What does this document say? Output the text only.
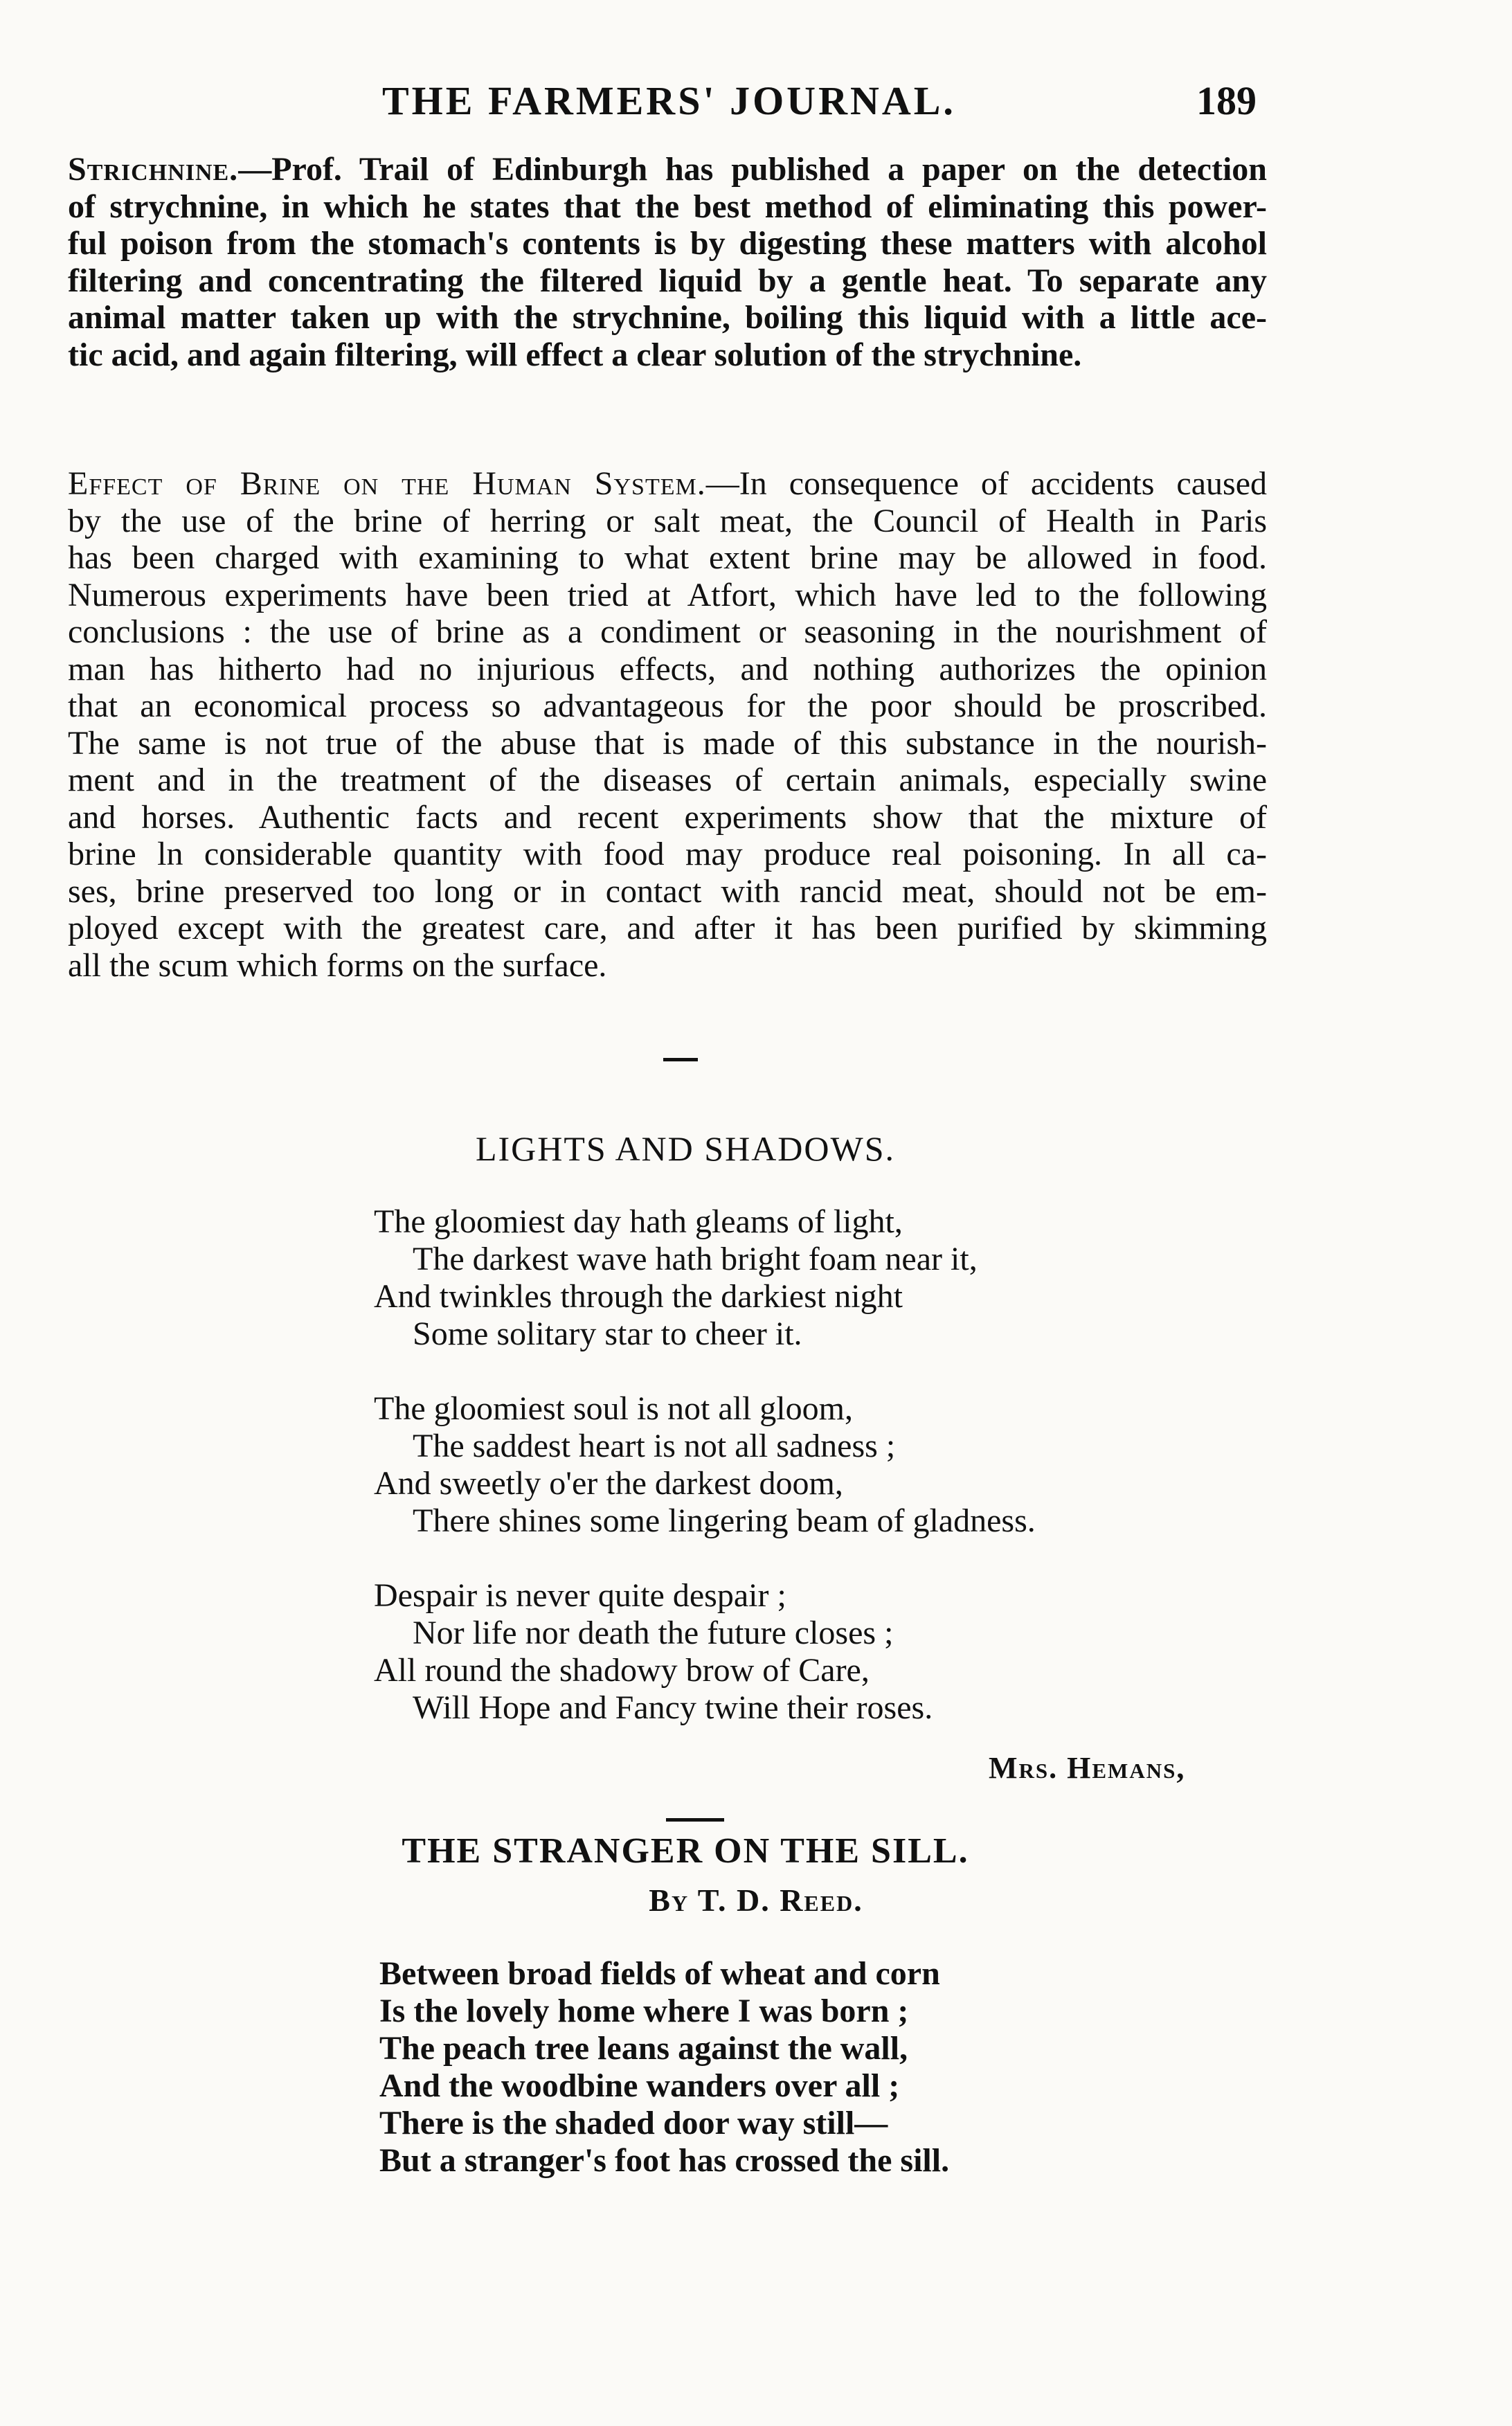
THE FARMERS' JOURNAL.	189
Strichnine.—Prof. Trail of Edinburgh has published a paper on the detection
of strychnine, in which he states that the best method of eliminating this power-
ful poison from the stomach's contents is by digesting these matters with alcohol
filtering and concentrating the filtered liquid by a gentle heat. To separate any
animal matter taken up with the strychnine, boiling this liquid with a little ace-
tic acid, and again filtering, will effect a clear solution of the strychnine.
Effect of Brine on the Human System.—In consequence of accidents caused
by the use of the brine of herring or salt meat, the Council of Health in Paris
has been charged with examining to what extent brine may be allowed in food.
Numerous experiments have been tried at Atfort, which have led to the following
conclusions : the use of brine as a condiment or seasoning in the nourishment of
man has hitherto had no injurious effects, and nothing authorizes the opinion
that an economical process so advantageous for the poor should be proscribed.
The same is not true of the abuse that is made of this substance in the nourish-
ment and in the treatment of the diseases of certain animals, especially swine
and horses. Authentic facts and recent experiments show that the mixture of
brine ln considerable quantity with food may produce real poisoning. In all ca-
ses, brine preserved too long or in contact with rancid meat, should not be em-
ployed except with the greatest care, and after it has been purified by skimming
all the scum which forms on the surface.
LIGHTS AND SHADOWS.
The gloomiest day hath gleams of light,
The darkest wave hath bright foam near it,
And twinkles through the darkiest night
Some solitary star to cheer it.
The gloomiest soul is not all gloom,
The saddest heart is not all sadness ;
And sweetly o'er the darkest doom,
There shines some lingering beam of gladness.
Despair is never quite despair ;
Nor life nor death the future closes ;
All round the shadowy brow of Care,
Will Hope and Fancy twine their roses.
Mrs. Hemans,
THE STRANGER ON THE SILL.
By T. D. Reed.
Between broad fields of wheat and corn
Is the lovely home where I was born ;
The peach tree leans against the wall,
And the woodbine wanders over all ;
There is the shaded door way still—
But a stranger's foot has crossed the sill.
